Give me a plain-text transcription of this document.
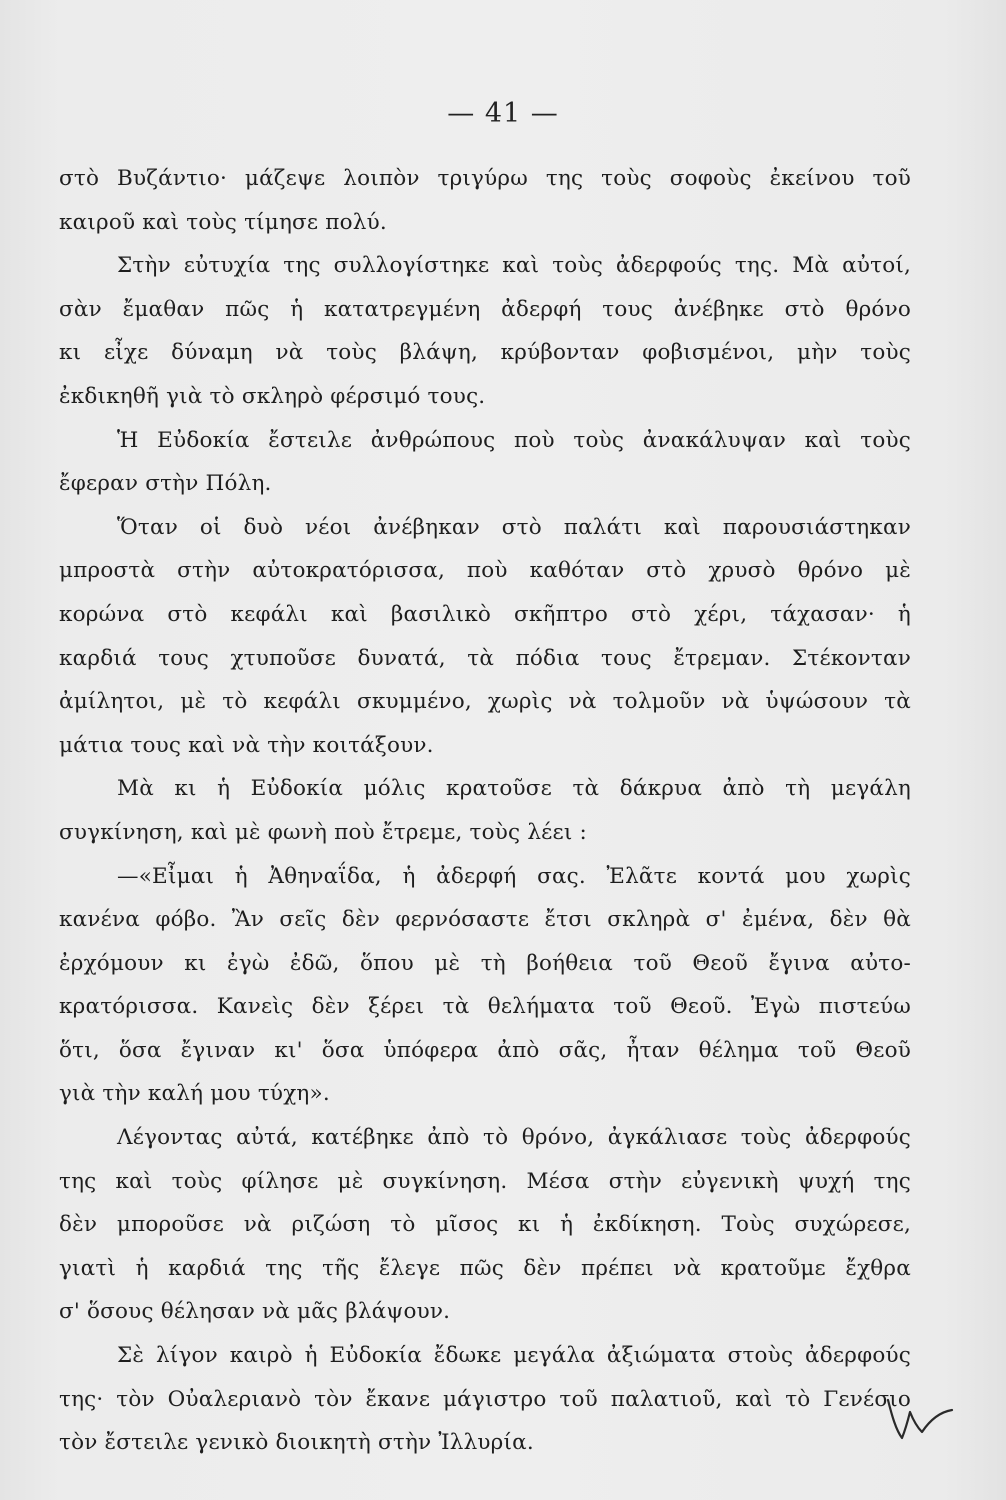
— 41 —
στὸ Βυζάντιο· μάζεψε λοιπὸν τριγύρω της τοὺς σοφοὺς ἐκείνου τοῦ
καιροῦ καὶ τοὺς τίμησε πολύ.
Στὴν εὐτυχία της συλλογίστηκε καὶ τοὺς ἀδερφούς της. Μὰ αὐτοί,
σὰν ἔμαθαν πῶς ἡ κατατρεγμένη ἀδερφή τους ἀνέβηκε στὸ θρόνο
κι εἶχε δύναμη νὰ τοὺς βλάψη, κρύβονταν φοβισμένοι, μὴν τοὺς
ἐκδικηθῆ γιὰ τὸ σκληρὸ φέρσιμό τους.
Ἡ Εὐδοκία ἔστειλε ἀνθρώπους ποὺ τοὺς ἀνακάλυψαν καὶ τοὺς
ἔφεραν στὴν Πόλη.
Ὅταν οἱ δυὸ νέοι ἀνέβηκαν στὸ παλάτι καὶ παρουσιάστηκαν
μπροστὰ στὴν αὐτοκρατόρισσα, ποὺ καθόταν στὸ χρυσὸ θρόνο μὲ
κορώνα στὸ κεφάλι καὶ βασιλικὸ σκῆπτρο στὸ χέρι, τάχασαν· ἡ
καρδιά τους χτυποῦσε δυνατά, τὰ πόδια τους ἔτρεμαν. Στέκονταν
ἀμίλητοι, μὲ τὸ κεφάλι σκυμμένο, χωρὶς νὰ τολμοῦν νὰ ὑψώσουν τὰ
μάτια τους καὶ νὰ τὴν κοιτάξουν.
Μὰ κι ἡ Εὐδοκία μόλις κρατοῦσε τὰ δάκρυα ἀπὸ τὴ μεγάλη
συγκίνηση, καὶ μὲ φωνὴ ποὺ ἔτρεμε, τοὺς λέει :
—«Εἶμαι ἡ Ἀθηναΐδα, ἡ ἀδερφή σας. Ἐλᾶτε κοντά μου χωρὶς
κανένα φόβο. Ἂν σεῖς δὲν φερνόσαστε ἔτσι σκληρὰ σ' ἐμένα, δὲν θὰ
ἐρχόμουν κι ἐγὼ ἐδῶ, ὅπου μὲ τὴ βοήθεια τοῦ Θεοῦ ἔγινα αὐτο-
κρατόρισσα. Κανεὶς δὲν ξέρει τὰ θελήματα τοῦ Θεοῦ. Ἐγὼ πιστεύω
ὅτι, ὅσα ἔγιναν κι' ὅσα ὑπόφερα ἀπὸ σᾶς, ἦταν θέλημα τοῦ Θεοῦ
γιὰ τὴν καλή μου τύχη».
Λέγοντας αὐτά, κατέβηκε ἀπὸ τὸ θρόνο, ἀγκάλιασε τοὺς ἀδερφούς
της καὶ τοὺς φίλησε μὲ συγκίνηση. Μέσα στὴν εὐγενικὴ ψυχή της
δὲν μποροῦσε νὰ ριζώση τὸ μῖσος κι ἡ ἐκδίκηση. Τοὺς συχώρεσε,
γιατὶ ἡ καρδιά της τῆς ἔλεγε πῶς δὲν πρέπει νὰ κρατοῦμε ἔχθρα
σ' ὅσους θέλησαν νὰ μᾶς βλάψουν.
Σὲ λίγον καιρὸ ἡ Εὐδοκία ἔδωκε μεγάλα ἀξιώματα στοὺς ἀδερφούς
της· τὸν Οὐαλεριανὸ τὸν ἔκανε μάγιστρο τοῦ παλατιοῦ, καὶ τὸ Γενέσιο
τὸν ἔστειλε γενικὸ διοικητὴ στὴν Ἰλλυρία.
